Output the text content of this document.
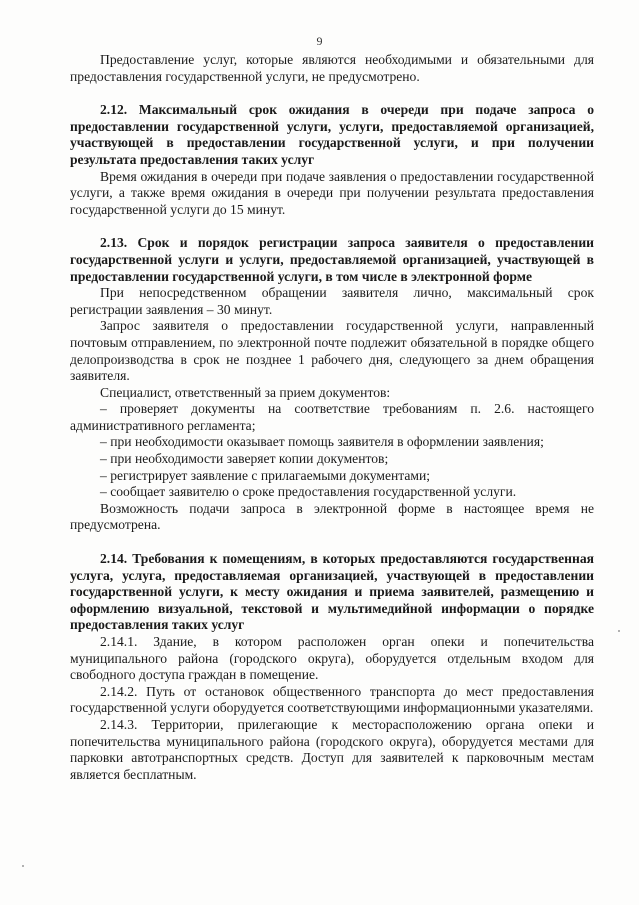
9

Предоставление услуг, которые являются необходимыми и обязательными для предоставления государственной услуги, не предусмотрено.

2.12. Максимальный срок ожидания в очереди при подаче запроса о предоставлении государственной услуги, услуги, предоставляемой организацией, участвующей в предоставлении государственной услуги, и при получении результата предоставления таких услуг

Время ожидания в очереди при подаче заявления о предоставлении государственной услуги, а также время ожидания в очереди при получении результата предоставления государственной услуги до 15 минут.

2.13. Срок и порядок регистрации запроса заявителя о предоставлении государственной услуги и услуги, предоставляемой организацией, участвующей в предоставлении государственной услуги, в том числе в электронной форме

При непосредственном обращении заявителя лично, максимальный срок регистрации заявления – 30 минут.

Запрос заявителя о предоставлении государственной услуги, направленный почтовым отправлением, по электронной почте подлежит обязательной в порядке общего делопроизводства в срок не позднее 1 рабочего дня, следующего за днем обращения заявителя.

Специалист, ответственный за прием документов:

– проверяет документы на соответствие требованиям п. 2.6. настоящего административного регламента;

– при необходимости оказывает помощь заявителя в оформлении заявления;

– при необходимости заверяет копии документов;

– регистрирует заявление с прилагаемыми документами;

– сообщает заявителю о сроке предоставления государственной услуги.

Возможность подачи запроса в электронной форме в настоящее время не предусмотрена.

2.14. Требования к помещениям, в которых предоставляются государственная услуга, услуга, предоставляемая организацией, участвующей в предоставлении государственной услуги, к месту ожидания и приема заявителей, размещению и оформлению визуальной, текстовой и мультимедийной информации о порядке предоставления таких услуг

2.14.1. Здание, в котором расположен орган опеки и попечительства муниципального района (городского округа), оборудуется отдельным входом для свободного доступа граждан в помещение.

2.14.2. Путь от остановок общественного транспорта до мест предоставления государственной услуги оборудуется соответствующими информационными указателями.

2.14.3. Территории, прилегающие к месторасположению органа опеки и попечительства муниципального района (городского округа), оборудуется местами для парковки автотранспортных средств. Доступ для заявителей к парковочным местам является бесплатным.
